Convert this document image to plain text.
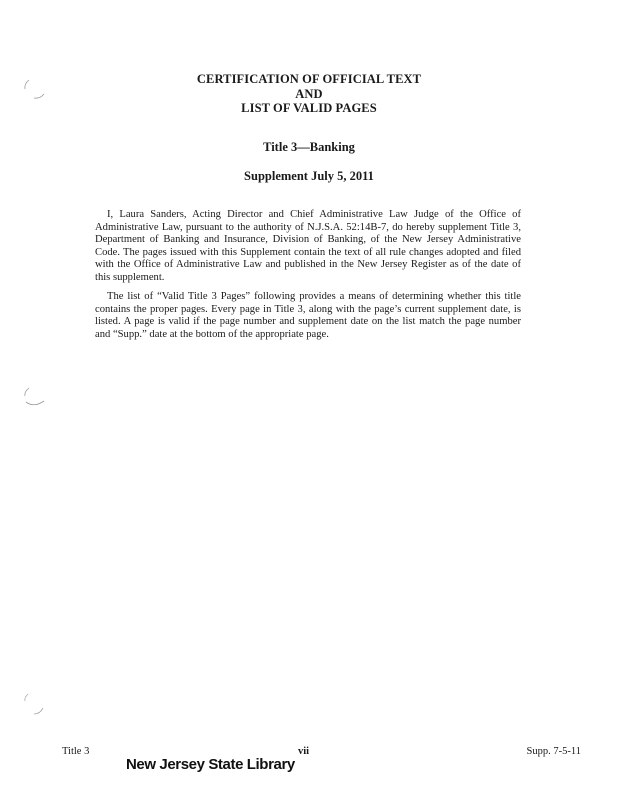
CERTIFICATION OF OFFICIAL TEXT
AND
LIST OF VALID PAGES
Title 3—Banking
Supplement July 5, 2011

I, Laura Sanders, Acting Director and Chief Administrative Law Judge of the Office of Administrative Law, pursuant to the authority of N.J.S.A. 52:14B-7, do hereby supplement Title 3, Department of Banking and Insurance, Division of Banking, of the New Jersey Administrative Code. The pages issued with this Supplement contain the text of all rule changes adopted and filed with the Office of Administrative Law and published in the New Jersey Register as of the date of this supplement.

The list of “Valid Title 3 Pages” following provides a means of determining whether this title contains the proper pages. Every page in Title 3, along with the page’s current supplement date, is listed. A page is valid if the page number and supplement date on the list match the page number and “Supp.” date at the bottom of the appropriate page.

Title 3	vii	Supp. 7-5-11
New Jersey State Library
